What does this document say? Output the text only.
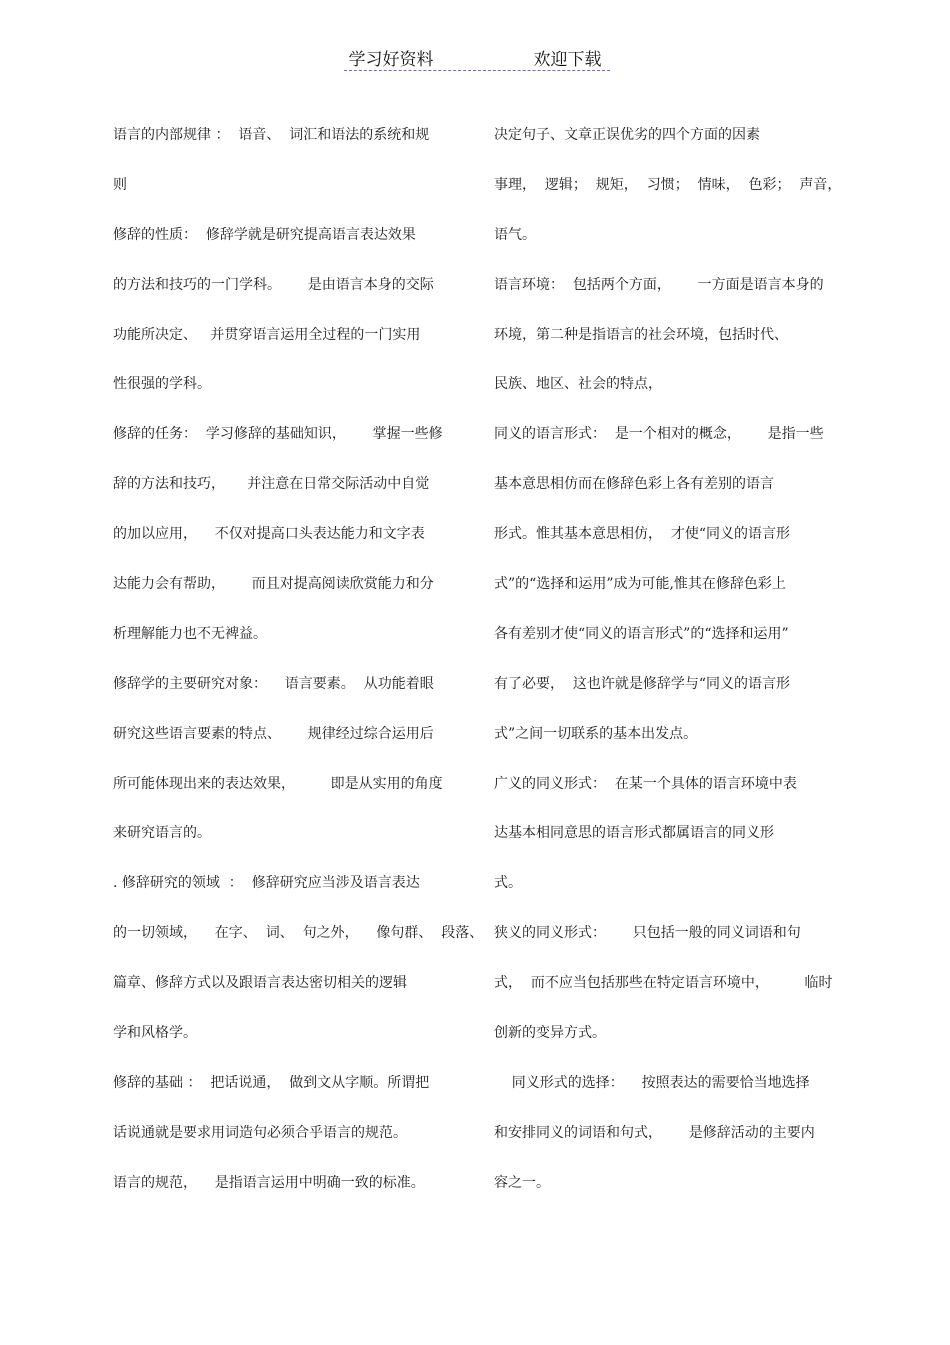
学习好资料	欢迎下载
语言的内部规律 ：  语音、  词汇和语法的系统和规
则
修辞的性质：  修辞学就是研究提高语言表达效果
的方法和技巧的一门学科。      是由语言本身的交际
功能所决定、   并贯穿语言运用全过程的一门实用
性很强的学科。
修辞的任务：  学习修辞的基础知识，      掌握一些修
辞的方法和技巧，     并注意在日常交际活动中自觉
的加以应用，    不仅对提高口头表达能力和文字表
达能力会有帮助，      而且对提高阅读欣赏能力和分
析理解能力也不无裨益。
修辞学的主要研究对象：    语言要素。  从功能着眼
研究这些语言要素的特点、      规律经过综合运用后
所可能体现出来的表达效果，        即是从实用的角度
来研究语言的。
. 修辞研究的领域  ：  修辞研究应当涉及语言表达
的一切领域，    在字、  词、  句之外，    像句群、  段落、
篇章、修辞方式以及跟语言表达密切相关的逻辑
学和风格学。
修辞的基础 ：  把话说通，  做到文从字顺。所谓把
话说通就是要求用词造句必须合乎语言的规范。
语言的规范，    是指语言运用中明确一致的标准。
决定句子、文章正误优劣的四个方面的因素
事理，  逻辑；  规矩，  习惯；  情味，  色彩；  声音，
语气。
语言环境：  包括两个方面，      一方面是语言本身的
环境，第二种是指语言的社会环境，包括时代、
民族、地区、社会的特点，
同义的语言形式：  是一个相对的概念，      是指一些
基本意思相仿而在修辞色彩上各有差别的语言
形式。惟其基本意思相仿，  才使“同义的语言形
式”的“选择和运用”成为可能,惟其在修辞色彩上
各有差别才使“同义的语言形式”的“选择和运用”
有了必要，  这也许就是修辞学与“同义的语言形
式”之间一切联系的基本出发点。
广义的同义形式：  在某一个具体的语言环境中表
达基本相同意思的语言形式都属语言的同义形
式。
狭义的同义形式：      只包括一般的同义词语和句
式，  而不应当包括那些在特定语言环境中，        临时
创新的变异方式。
同义形式的选择：    按照表达的需要恰当地选择
和安排同义的词语和句式，      是修辞活动的主要内
容之一。
